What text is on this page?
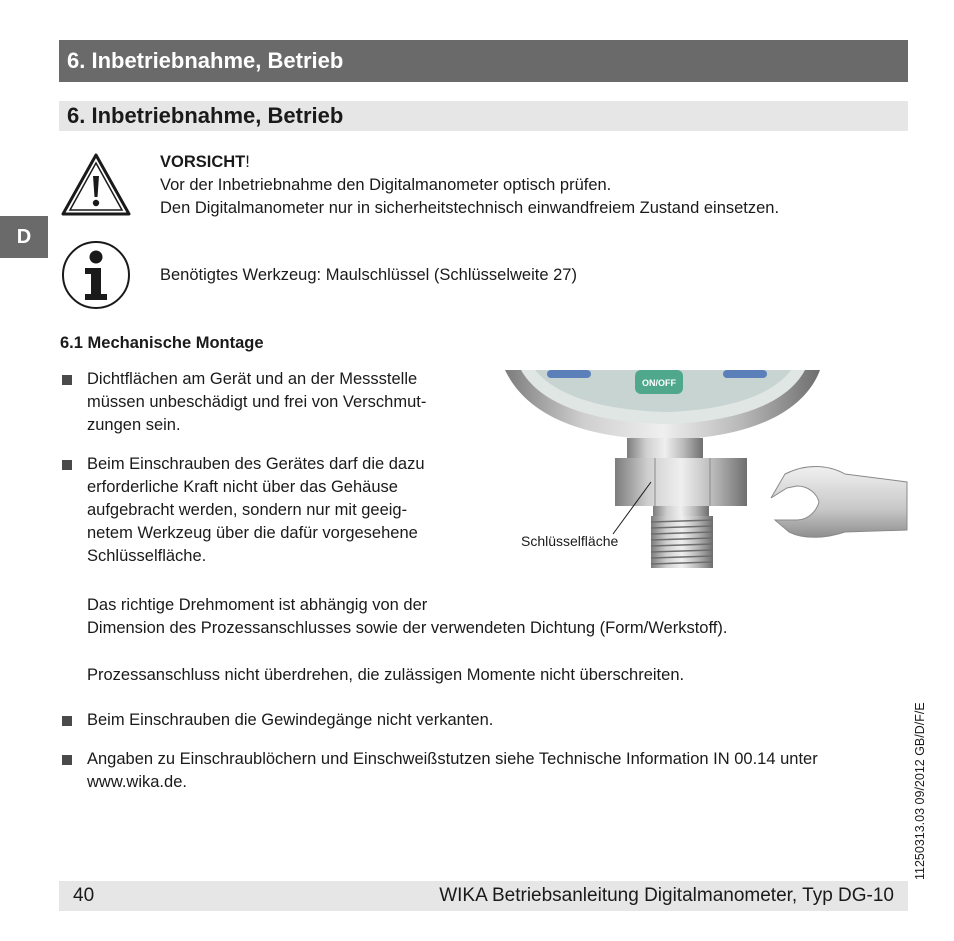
6. Inbetriebnahme, Betrieb
6. Inbetriebnahme, Betrieb
D
VORSICHT!
Vor der Inbetriebnahme den Digitalmanometer optisch prüfen.
Den Digitalmanometer nur in sicherheitstechnisch einwandfreiem Zustand einsetzen.
Benötigtes Werkzeug: Maulschlüssel (Schlüsselweite 27)
6.1 Mechanische Montage
Dichtflächen am Gerät und an der Messstelle
müssen unbeschädigt und frei von Verschmut-
zungen sein.
Beim Einschrauben des Gerätes darf die dazu
erforderliche Kraft nicht über das Gehäuse
aufgebracht werden, sondern nur mit geeig-
netem Werkzeug über die dafür vorgesehene
Schlüsselfläche.
ON/OFF
Schlüsselfläche
Das richtige Drehmoment ist abhängig von der
Dimension des Prozessanschlusses sowie der verwendeten Dichtung (Form/Werkstoff).
Prozessanschluss nicht überdrehen, die zulässigen Momente nicht überschreiten.
Beim Einschrauben die Gewindegänge nicht verkanten.
Angaben zu Einschraublöchern und Einschweißstutzen siehe Technische Information IN 00.14 unter
www.wika.de.	11250313.03 09/2012 GB/D/F/E
40	WIKA Betriebsanleitung Digitalmanometer, Typ DG-10
